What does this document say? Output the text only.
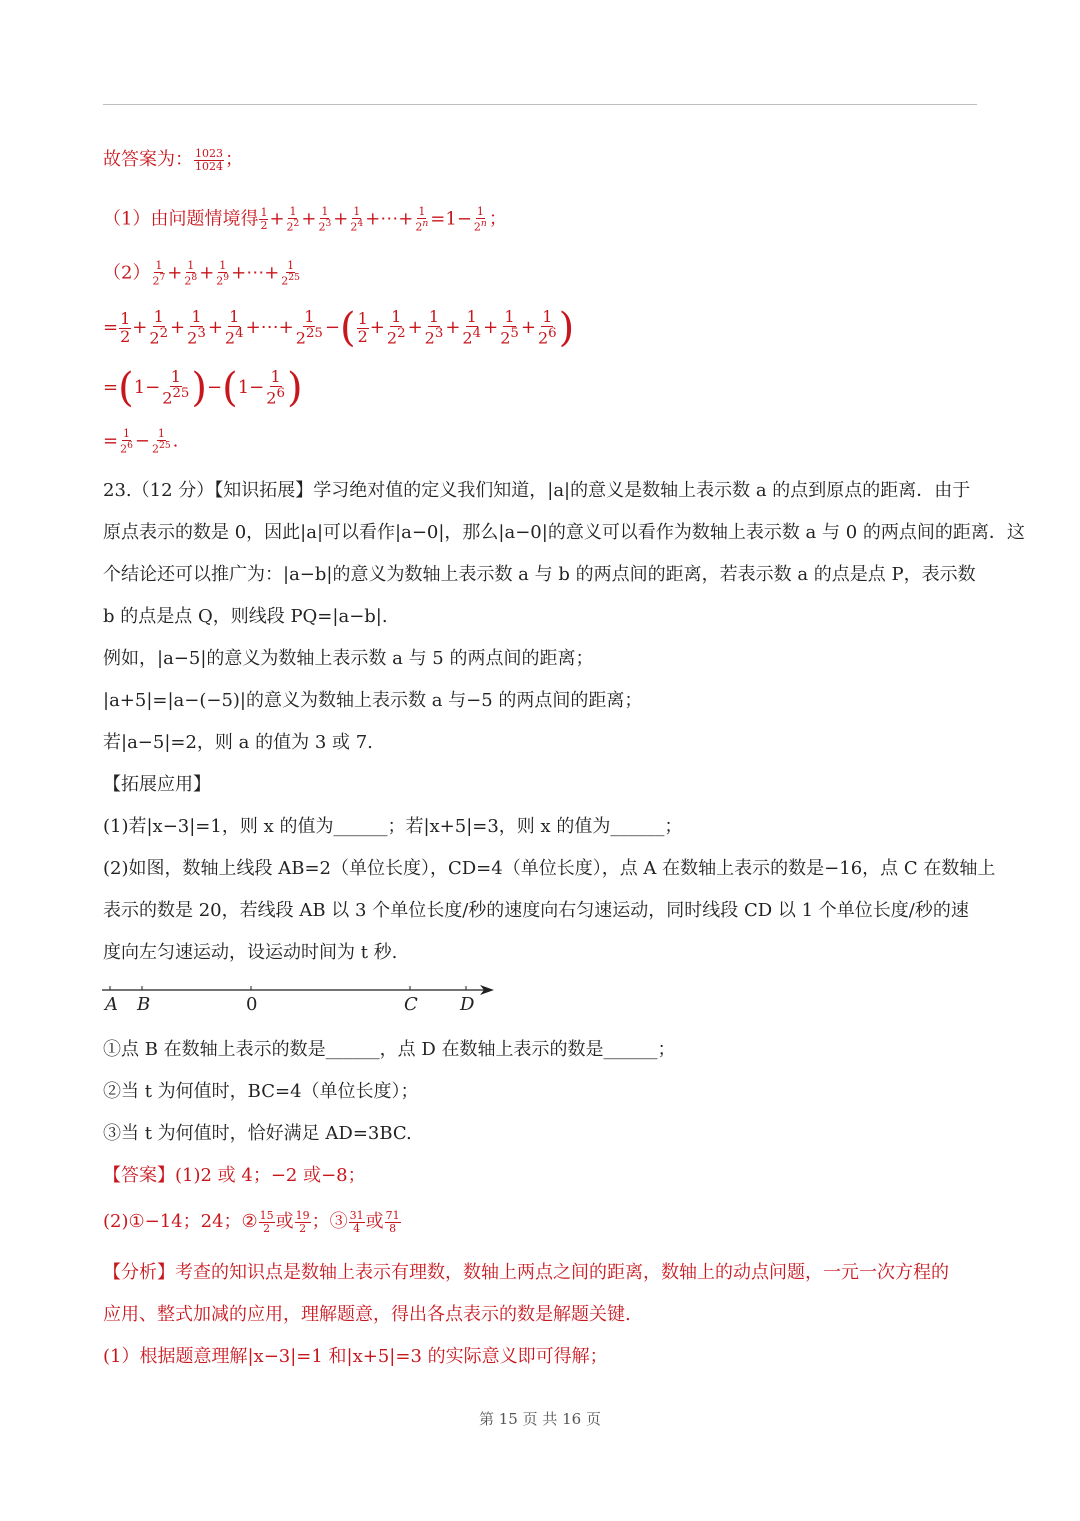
故答案为： $\frac{1023}{1024}$ ；
（1）由问题情境得 $\frac{1}{2} + \frac{1}{2^2} + \frac{1}{2^3} + \frac{1}{2^4}$ +⋯+ $\frac{1}{2^n} =1- \frac{1}{2^n}$ ；
$(2) \frac{1}{2^7} + \frac{1}{2^8} + \frac{1}{2^9}$ +⋯+ $\frac{1}{2^{25}}$
= $\frac{1}{2} + \frac{1}{2^2} + \frac{1}{2^3} + \frac{1}{2^4}$ +⋯+ $\frac{1}{2^{25}}$ −( $\frac{1}{2} + \frac{1}{2^2} + \frac{1}{2^3} + \frac{1}{2^4} + \frac{1}{2^5} + \frac{1}{2^6}$ )
$=(1- \frac{1}{2^{25}} )-(1- \frac{1}{2^6}$ )
= $\frac{1}{2^6} - \frac{1}{2^{25}}$ .
23.（12 分）【知识拓展】学习绝对值的定义我们知道，|a|的意义是数轴上表示数 a 的点到原点的距离．由于
原点表示的数是 0，因此|a|可以看作|a−0|，那么|a−0|的意义可以看作为数轴上表示数 a 与 0 的两点间的距离．这
个结论还可以推广为：|a−b|的意义为数轴上表示数 a 与 b 的两点间的距离，若表示数 a 的点是点 P，表示数
b 的点是点 Q，则线段 PQ=|a−b|.
例如，|a−5|的意义为数轴上表示数 a 与 5 的两点间的距离；
|a+5|=|a−(−5)|的意义为数轴上表示数 a 与−5 的两点间的距离；
若|a−5|=2，则 a 的值为 3 或 7.
【拓展应用】
(1)若|x−3|=1，则 x 的值为______；若|x+5|=3，则 x 的值为______；
(2)如图，数轴上线段 AB=2（单位长度），CD=4（单位长度），点 A 在数轴上表示的数是−16，点 C 在数轴上
表示的数是 20，若线段 AB 以 3 个单位长度/秒的速度向右匀速运动，同时线段 CD 以 1 个单位长度/秒的速
度向左匀速运动，设运动时间为 t 秒.
A B	0	C D
①点 B 在数轴上表示的数是______，点 D 在数轴上表示的数是______；
②当 t 为何值时，BC=4（单位长度）；
③当 t 为何值时，恰好满足 AD=3BC.
【答案】(1)2 或 4；−2 或−8；
(2)①−14；24；② $\frac{15}{2}$ 或 $\frac{19}{2}$ ；③ $\frac{31}{4}$ 或 $\frac{71}{8}$
【分析】考查的知识点是数轴上表示有理数，数轴上两点之间的距离，数轴上的动点问题，一元一次方程的
应用、整式加减的应用，理解题意，得出各点表示的数是解题关键.
(1）根据题意理解|x−3|=1 和|x+5|=3 的实际意义即可得解；
第 15 页 共 16 页
